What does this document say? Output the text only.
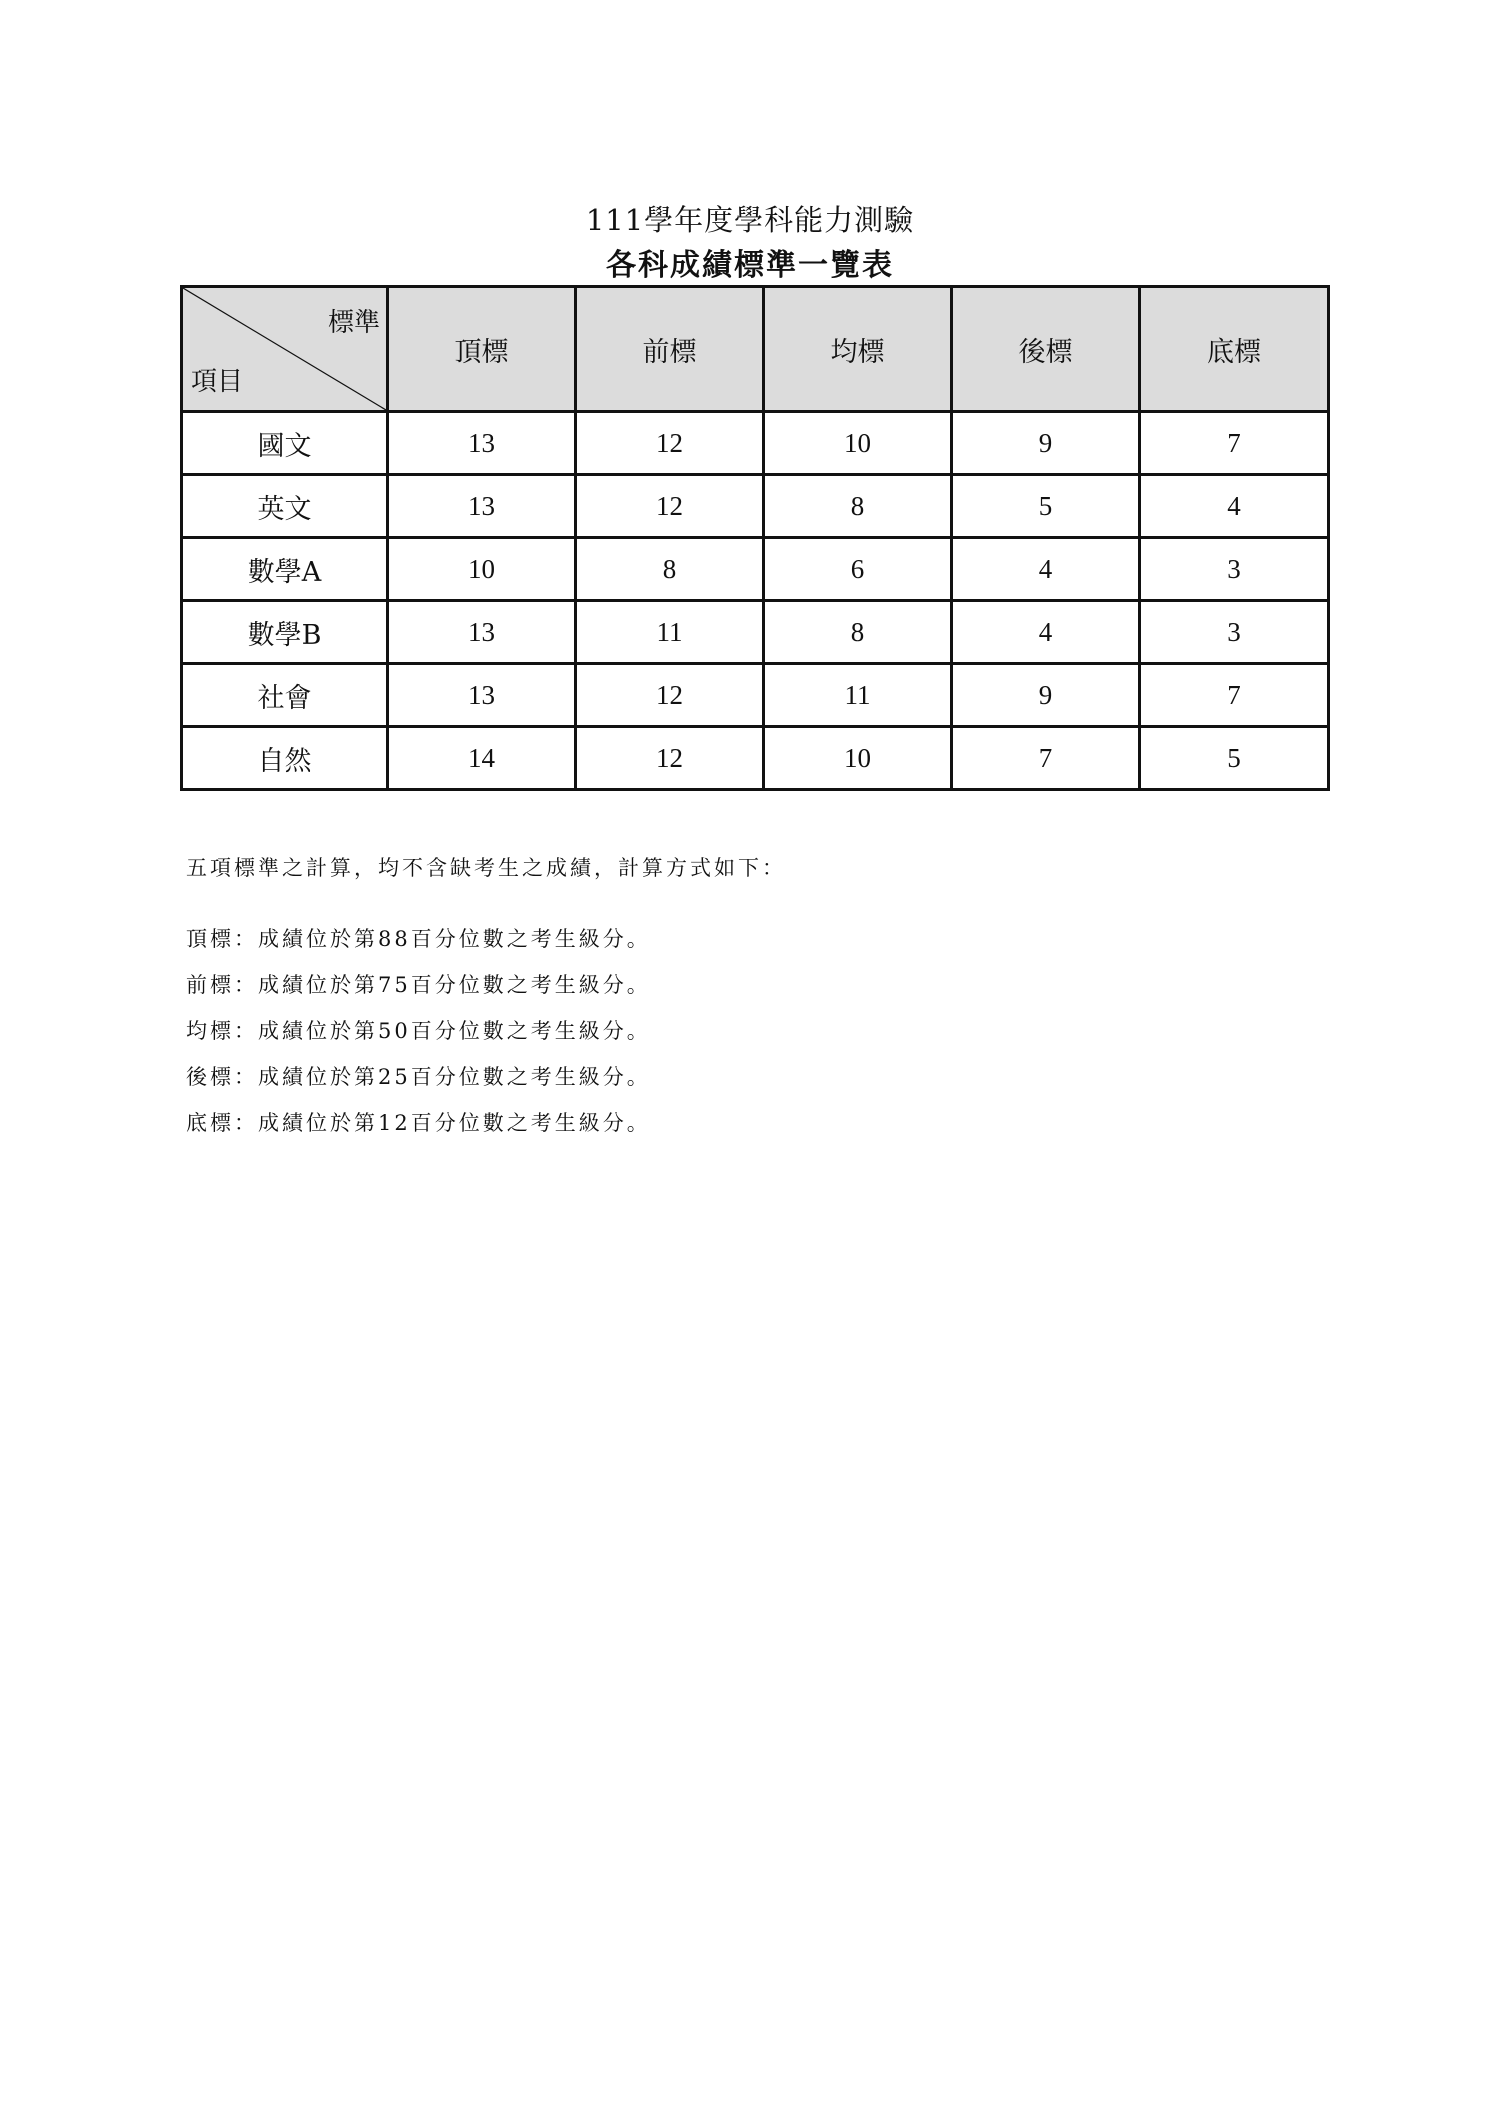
111學年度學科能力測驗
各科成績標準一覽表
標準
項目	頂標	前標	均標	後標	底標
國文	13	12	10	9	7
英文	13	12	8	5	4
數學A	10	8	6	4	3
數學B	13	11	8	4	3
社會	13	12	11	9	7
自然	14	12	10	7	5

五項標準之計算，均不含缺考生之成績，計算方式如下：

頂標：成績位於第88百分位數之考生級分。

前標：成績位於第75百分位數之考生級分。

均標：成績位於第50百分位數之考生級分。

後標：成績位於第25百分位數之考生級分。

底標：成績位於第12百分位數之考生級分。
